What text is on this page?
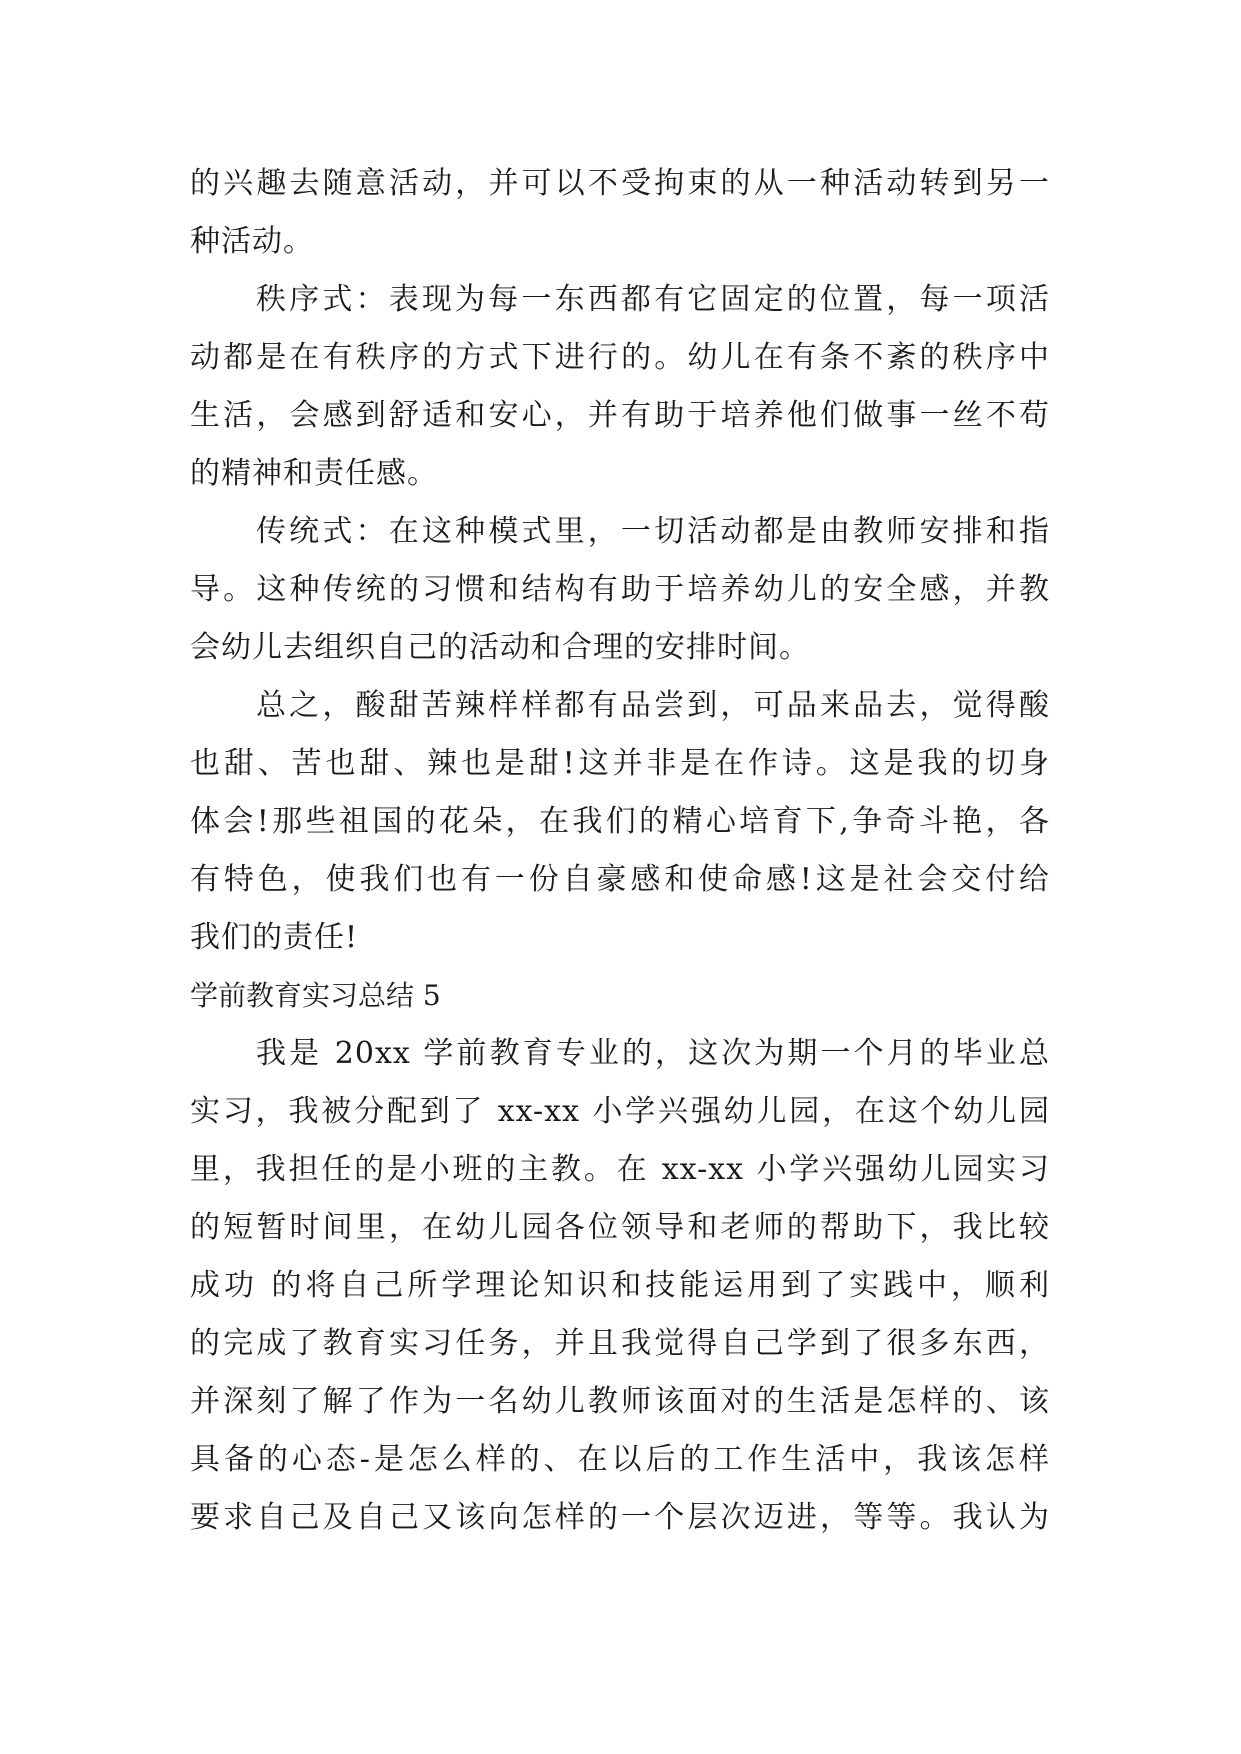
的兴趣去随意活动，并可以不受拘束的从一种活动转到另一
种活动。
秩序式：表现为每一东西都有它固定的位置，每一项活
动都是在有秩序的方式下进行的。幼儿在有条不紊的秩序中
生活，会感到舒适和安心，并有助于培养他们做事一丝不苟
的精神和责任感。
传统式：在这种模式里，一切活动都是由教师安排和指
导。这种传统的习惯和结构有助于培养幼儿的安全感，并教
会幼儿去组织自己的活动和合理的安排时间。
总之，酸甜苦辣样样都有品尝到，可品来品去，觉得酸
也甜、苦也甜、辣也是甜!这并非是在作诗。这是我的切身
体会!那些祖国的花朵，在我们的精心培育下,争奇斗艳，各
有特色，使我们也有一份自豪感和使命感!这是社会交付给
我们的责任!
学前教育实习总结 5
我是 20xx 学前教育专业的，这次为期一个月的毕业总
实习，我被分配到了 xx-xx 小学兴强幼儿园，在这个幼儿园
里，我担任的是小班的主教。在 xx-xx 小学兴强幼儿园实习
的短暂时间里，在幼儿园各位领导和老师的帮助下，我比较
成功 的将自己所学理论知识和技能运用到了实践中，顺利
的完成了教育实习任务，并且我觉得自己学到了很多东西，
并深刻了解了作为一名幼儿教师该面对的生活是怎样的、该
具备的心态-是怎么样的、在以后的工作生活中，我该怎样
要求自己及自己又该向怎样的一个层次迈进，等等。我认为
